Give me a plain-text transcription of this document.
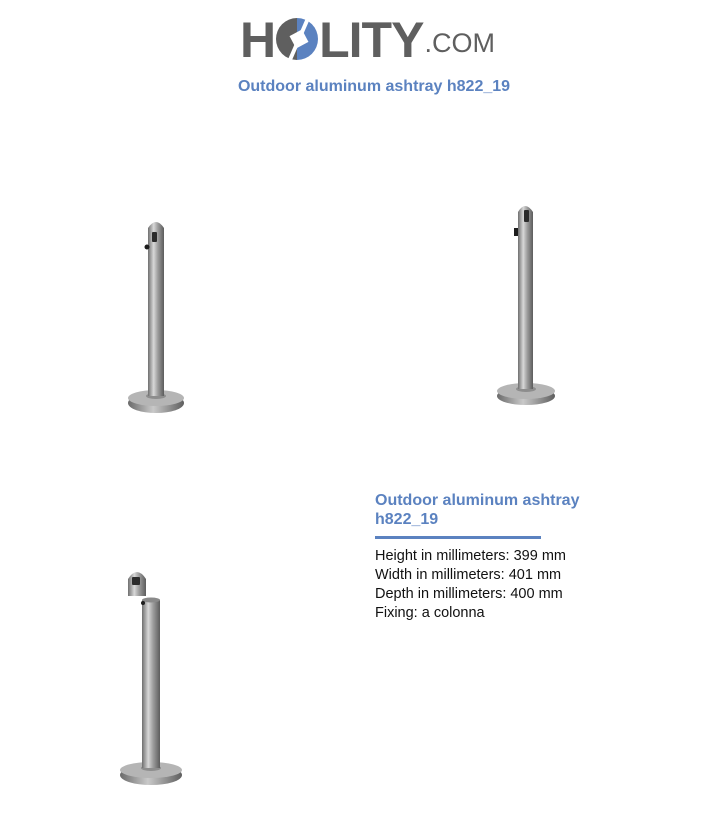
H LITY .COM
Outdoor aluminum ashtray h822_19

Outdoor aluminum ashtray
h822_19

Height in millimeters: 399 mm
Width in millimeters: 401 mm
Depth in millimeters: 400 mm
Fixing: a colonna
